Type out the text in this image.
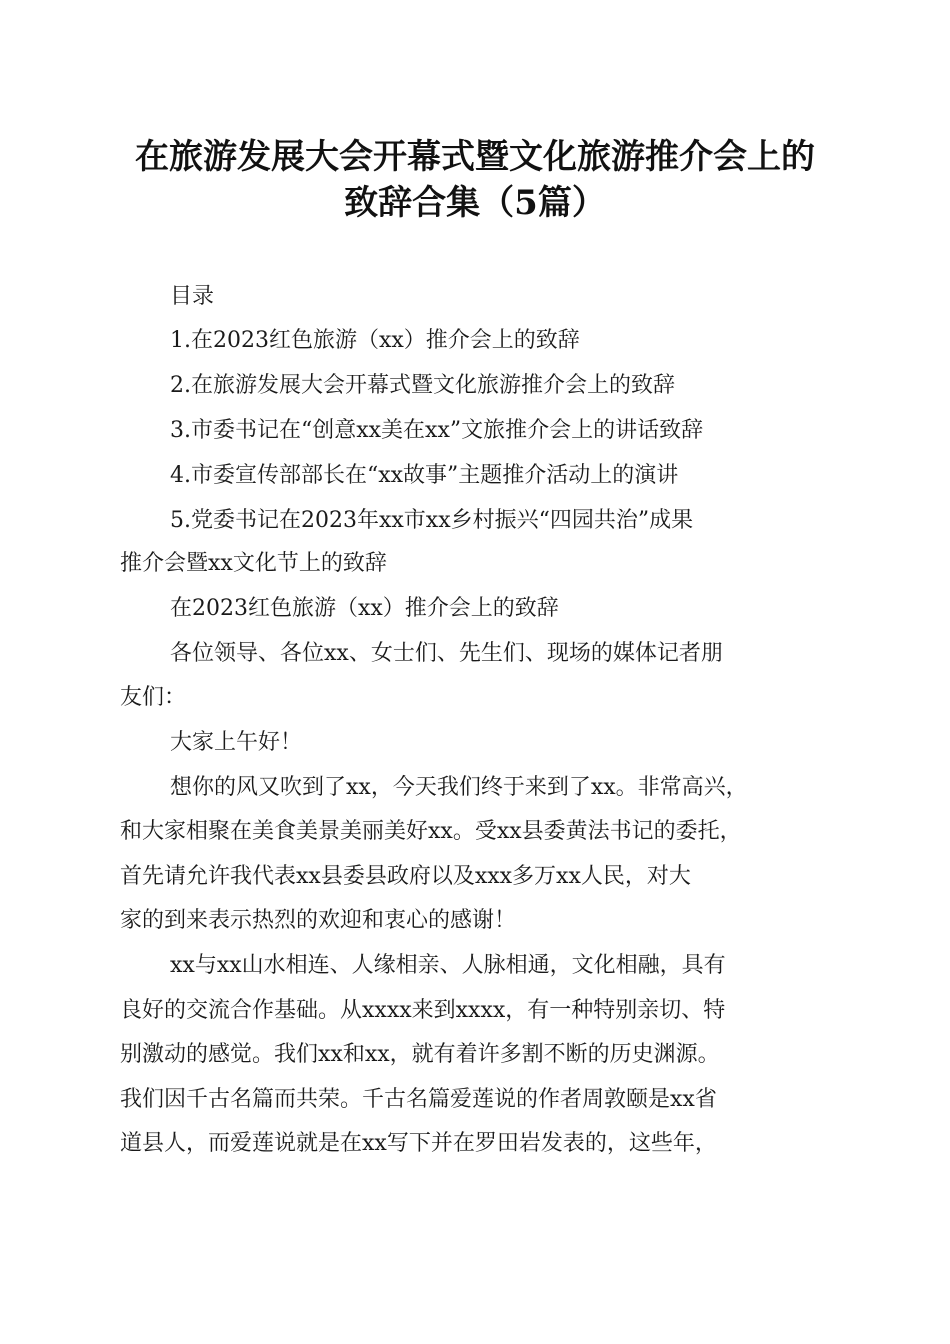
在旅游发展大会开幕式暨文化旅游推介会上的
致辞合集（5篇）
目录
1.在2023红色旅游（xx）推介会上的致辞
2.在旅游发展大会开幕式暨文化旅游推介会上的致辞
3.市委书记在“创意xx美在xx”文旅推介会上的讲话致辞
4.市委宣传部部长在“xx故事”主题推介活动上的演讲
5.党委书记在2023年xx市xx乡村振兴“四园共治”成果
推介会暨xx文化节上的致辞
在2023红色旅游（xx）推介会上的致辞
各位领导、各位xx、女士们、先生们、现场的媒体记者朋
友们：
大家上午好！
想你的风又吹到了xx，今天我们终于来到了xx。非常高兴，
和大家相聚在美食美景美丽美好xx。受xx县委黄法书记的委托，
首先请允许我代表xx县委县政府以及xxx多万xx人民，对大
家的到来表示热烈的欢迎和衷心的感谢！
xx与xx山水相连、人缘相亲、人脉相通，文化相融，具有
良好的交流合作基础。从xxxx来到xxxx，有一种特别亲切、特
别激动的感觉。我们xx和xx，就有着许多割不断的历史渊源。
我们因千古名篇而共荣。千古名篇爱莲说的作者周敦颐是xx省
道县人，而爱莲说就是在xx写下并在罗田岩发表的，这些年，
